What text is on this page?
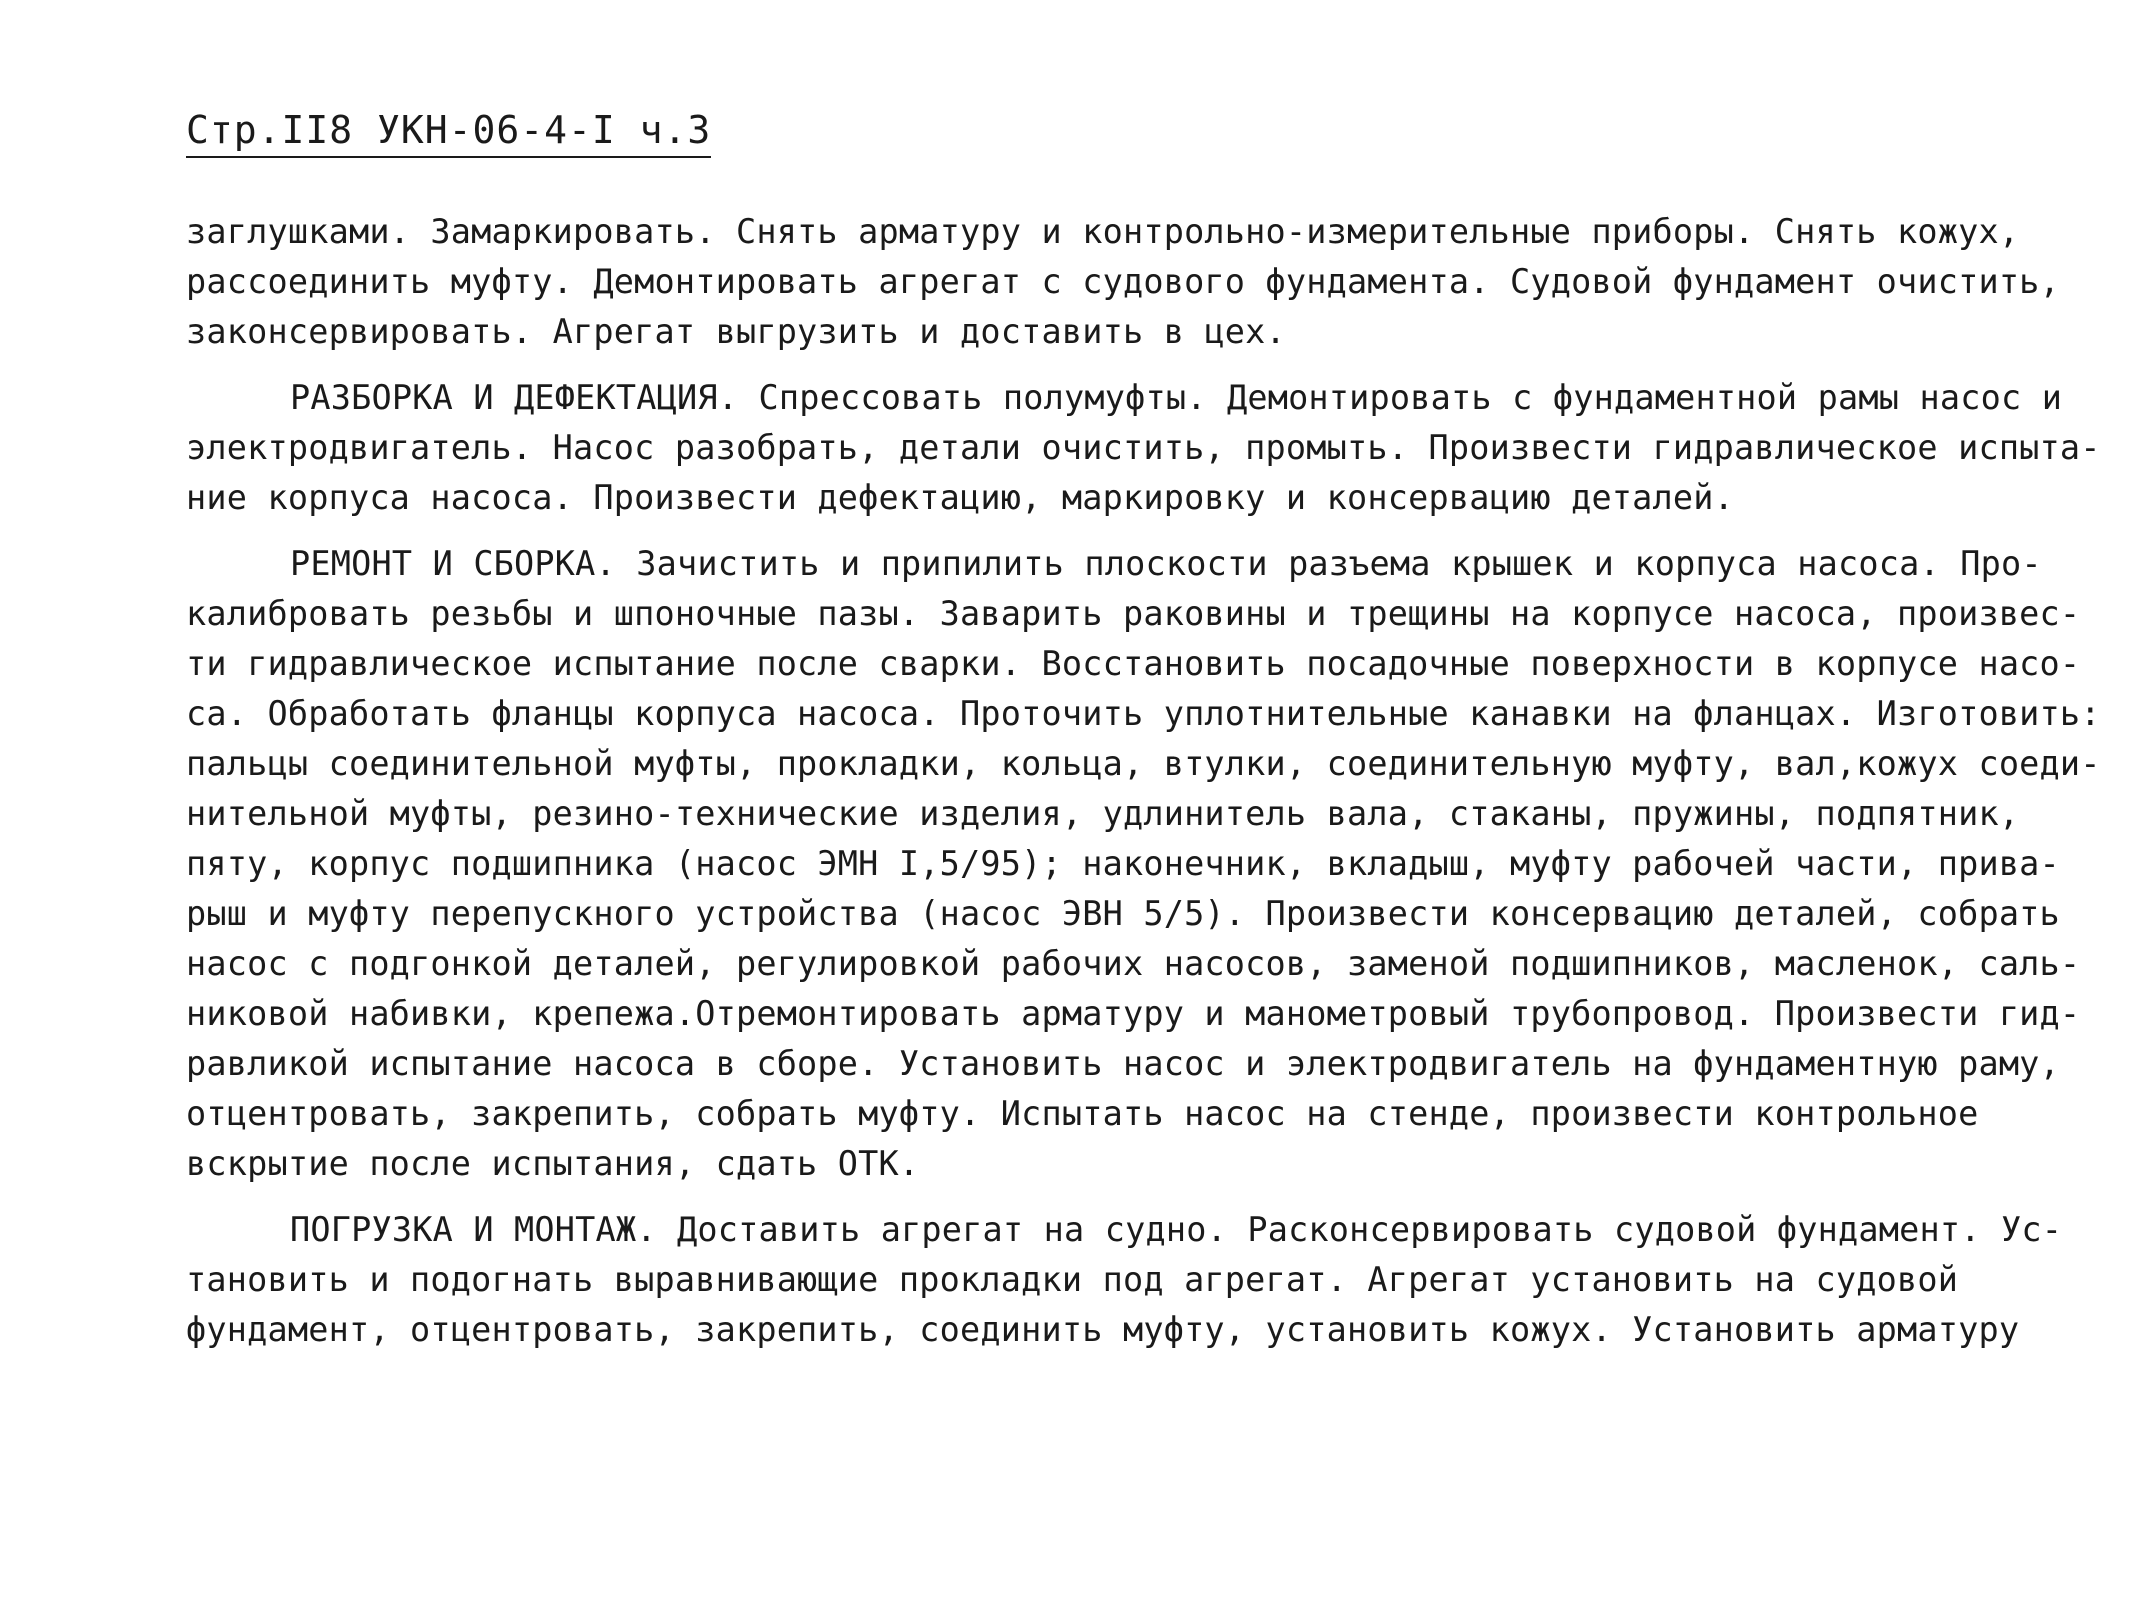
Стр.II8 УКН-06-4-I ч.3
заглушками. Замаркировать. Снять арматуру и контрольно-измерительные приборы. Снять кожух,
рассоединить муфту. Демонтировать агрегат с судового фундамента. Судовой фундамент очистить,
законсервировать. Агрегат выгрузить и доставить в цех.
РАЗБОРКА И ДЕФЕКТАЦИЯ. Спрессовать полумуфты. Демонтировать с фундаментной рамы насос и
электродвигатель. Насос разобрать, детали очистить, промыть. Произвести гидравлическое испыта-
ние корпуса насоса. Произвести дефектацию, маркировку и консервацию деталей.
РЕМОНТ И СБОРКА. Зачистить и припилить плоскости разъема крышек и корпуса насоса. Про-
калибровать резьбы и шпоночные пазы. Заварить раковины и трещины на корпусе насоса, произвес-
ти гидравлическое испытание после сварки. Восстановить посадочные поверхности в корпусе насо-
са. Обработать фланцы корпуса насоса. Проточить уплотнительные канавки на фланцах. Изготовить:
пальцы соединительной муфты, прокладки, кольца, втулки, соединительную муфту, вал,кожух соеди-
нительной муфты, резино-технические изделия, удлинитель вала, стаканы, пружины, подпятник,
пяту, корпус подшипника (насос ЭМН I,5/95); наконечник, вкладыш, муфту рабочей части, прива-
рыш и муфту перепускного устройства (насос ЭВН 5/5). Произвести консервацию деталей, собрать
насос с подгонкой деталей, регулировкой рабочих насосов, заменой подшипников, масленок, саль-
никовой набивки, крепежа.Отремонтировать арматуру и манометровый трубопровод. Произвести гид-
равликой испытание насоса в сборе. Установить насос и электродвигатель на фундаментную раму,
отцентровать, закрепить, собрать муфту. Испытать насос на стенде, произвести контрольное
вскрытие после испытания, сдать ОТК.
ПОГРУЗКА И МОНТАЖ. Доставить агрегат на судно. Расконсервировать судовой фундамент. Ус-
тановить и подогнать выравнивающие прокладки под агрегат. Агрегат установить на судовой
фундамент, отцентровать, закрепить, соединить муфту, установить кожух. Установить арматуру
